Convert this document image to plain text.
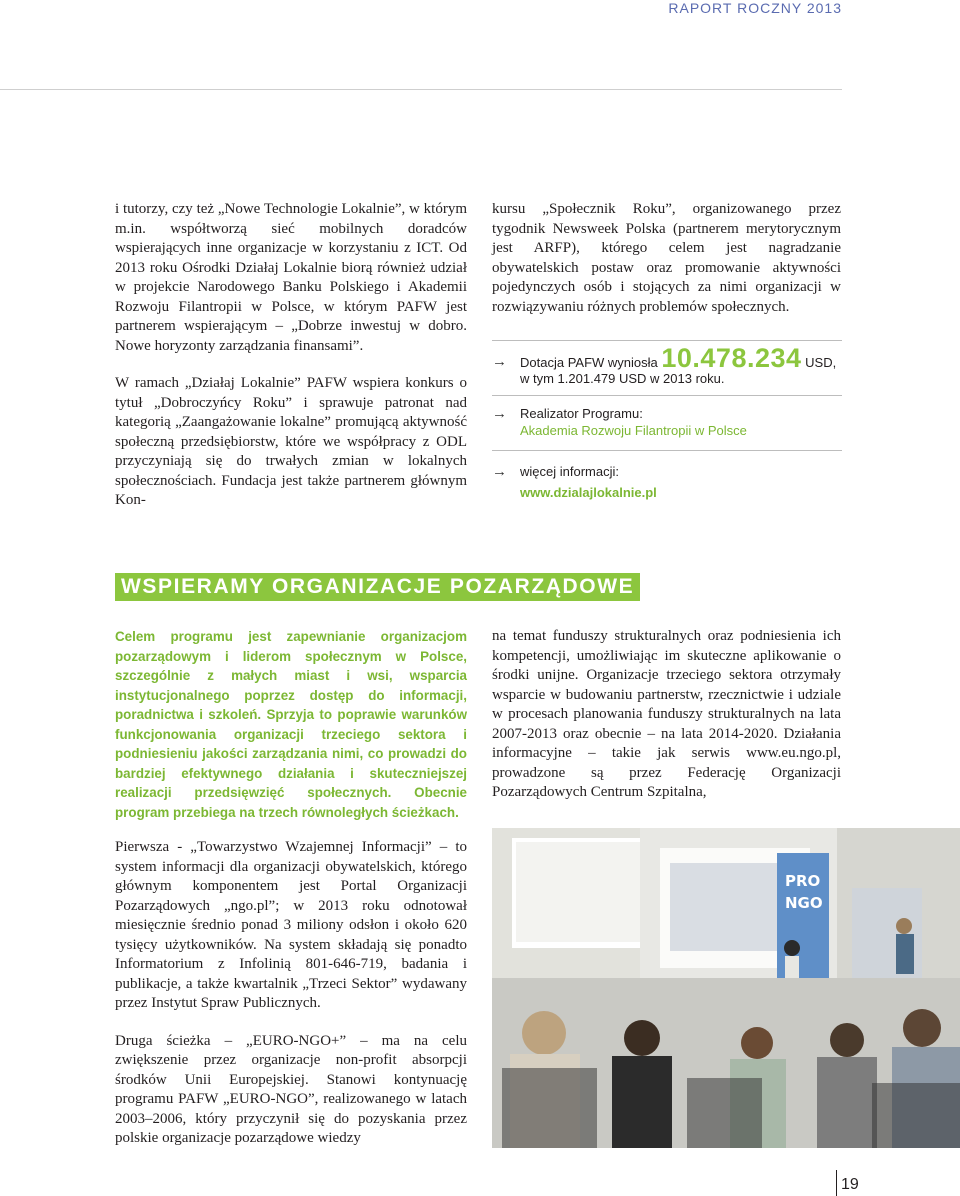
RAPORT ROCZNY 2013

i tutorzy, czy też „Nowe Technologie Lokalnie”, w którym m.in. współtworzą sieć mobilnych doradców wspierających inne organizacje w korzystaniu z ICT. Od 2013 roku Ośrodki Działaj Lokalnie biorą również udział w projekcie Narodowego Banku Polskiego i Akademii Rozwoju Filantropii w Polsce, w którym PAFW jest partnerem wspierającym – „Dobrze inwestuj w dobro. Nowe horyzonty zarządzania finansami”.

W ramach „Działaj Lokalnie” PAFW wspiera konkurs o tytuł „Dobroczyńcy Roku” i sprawuje patronat nad kategorią „Zaangażowanie lokalne” promującą aktywność społeczną przedsiębiorstw, które we współpracy z ODL przyczyniają się do trwałych zmian w lokalnych społecznościach. Fundacja jest także partnerem głównym Kon-

kursu „Społecznik Roku”, organizowanego przez tygodnik Newsweek Polska (partnerem merytorycznym jest ARFP), którego celem jest nagradzanie obywatelskich postaw oraz promowanie aktywności pojedynczych osób i stojących za nimi organizacji w rozwiązywaniu różnych problemów społecznych.

→ Dotacja PAFW wyniosła 10.478.234 USD,
w tym 1.201.479 USD w 2013 roku.
→ Realizator Programu:
Akademia Rozwoju Filantropii w Polsce
→ więcej informacji:
www.dzialajlokalnie.pl
WSPIERAMY ORGANIZACJE POZARZĄDOWE
Celem programu jest zapewnianie organizacjom pozarządowym i liderom społecznym w Polsce, szczególnie z małych miast i wsi, wsparcia instytucjonalnego poprzez dostęp do informacji, poradnictwa i szkoleń. Sprzyja to poprawie warunków funkcjonowania organizacji trzeciego sektora i podniesieniu jakości zarządzania nimi, co prowadzi do bardziej efektywnego działania i skuteczniejszej realizacji przedsięwzięć społecznych. Obecnie program przebiega na trzech równoległych ścieżkach.

na temat funduszy strukturalnych oraz podniesienia ich kompetencji, umożliwiając im skuteczne aplikowanie o środki unijne. Organizacje trzeciego sektora otrzymały wsparcie w budowaniu partnerstw, rzecznictwie i udziale w procesach planowania funduszy strukturalnych na lata 2007-2013 oraz obecnie – na lata 2014-2020. Działania informacyjne – takie jak serwis www.eu.ngo.pl, prowadzone są przez Federację Organizacji Pozarządowych Centrum Szpitalna,

Pierwsza - „Towarzystwo Wzajemnej Informacji” – to system informacji dla organizacji obywatelskich, którego głównym komponentem jest Portal Organizacji Pozarządowych „ngo.pl”; w 2013 roku odnotował miesięcznie średnio ponad 3 miliony odsłon i około 620 tysięcy użytkowników. Na system składają się ponadto Informatorium z Infolinią 801-646-719, badania i publikacje, a także kwartalnik „Trzeci Sektor” wydawany przez Instytut Spraw Publicznych.

Druga ścieżka – „EURO-NGO+” – ma na celu zwiększenie przez organizacje non-profit absorpcji środków Unii Europejskiej. Stanowi kontynuację programu PAFW „EURO-NGO”, realizowanego w latach 2003–2006, który przyczynił się do pozyskania przez polskie organizacje pozarządowe wiedzy

PRO
NGO
19
